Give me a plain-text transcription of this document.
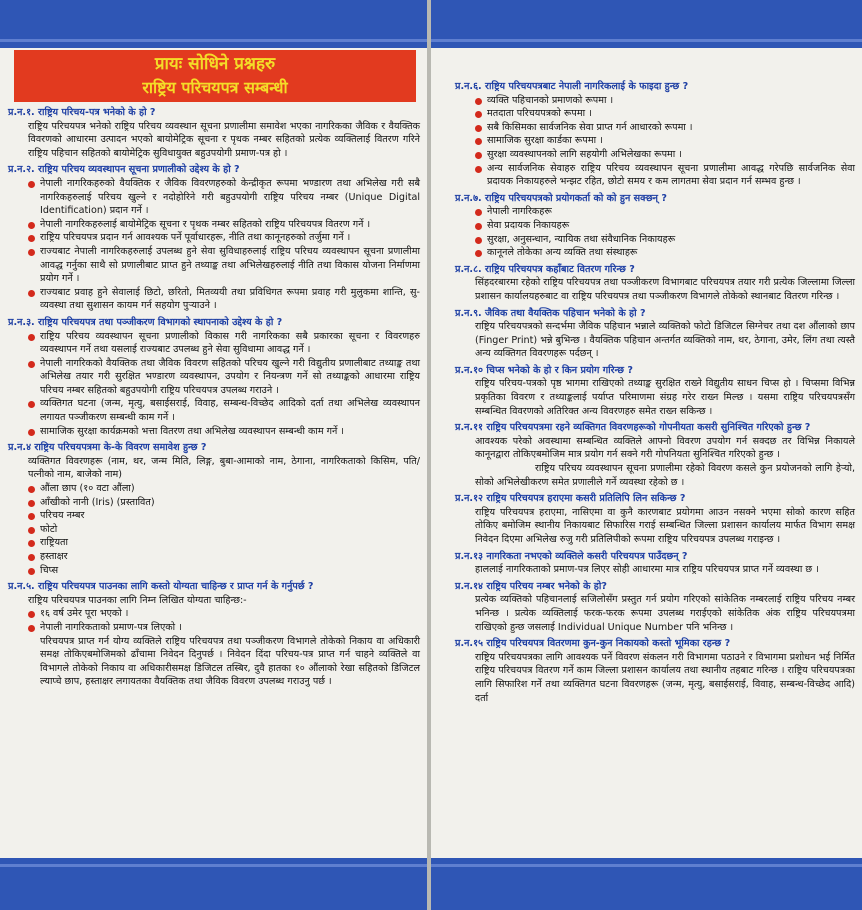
प्रायः सोधिने प्रश्नहरु
राष्ट्रिय परिचयपत्र सम्बन्धी
प्र.न.१. राष्ट्रिय परिचय-पत्र भनेको के हो ?
राष्ट्रिय परिचयपत्र भनेको राष्ट्रिय परिचय व्यवस्थान सूचना प्रणालीमा समावेश भएका नागरिकका जैविक र वैयक्तिक विवरणको आधारमा उत्पादन भएको बायोमेट्रिक सूचना र पृथक नम्बर सहितको प्रत्येक व्यक्तिलाई वितरण गरिने राष्ट्रिय पहिचान सहितको बायोमेट्रिक सुविधायुक्त बहुउपयोगी प्रमाण-पत्र हो ।
प्र.न.२. राष्ट्रिय परिचय व्यवस्थापन सूचना प्रणालीको उद्देश्य के हो ?
नेपाली नागरिकहरुको वैयक्तिक र जैविक विवरणहरुको केन्द्रीकृत रूपमा भण्डारण तथा अभिलेख गरी सबै नागरिकहरुलाई परिचय खुल्ने र नदोहोरिने गरी बहुउपयोगी राष्ट्रिय परिचय नम्बर (Unique Digital Identification) प्रदान गर्ने ।
नेपाली नागरिकहरुलाई बायोमेट्रिक सूचना र पृथक नम्बर सहितको राष्ट्रिय परिचयपत्र वितरण गर्ने ।
राष्ट्रिय परिचयपत्र प्रदान गर्न आवश्यक पर्ने पूर्वाधारहरू, नीति तथा कानूनहरुको तर्जुमा गर्ने ।
राज्यबाट नेपाली नागरिकहरुलाई उपलब्ध हुने सेवा सुविधाहरुलाई राष्ट्रिय परिचय व्यवस्थापन सूचना प्रणालीमा आवद्ध गर्नुका साथै सो प्रणालीबाट प्राप्त हुने तथ्याङ्क तथा अभिलेखहरुलाई नीति तथा विकास योजना निर्माणमा प्रयोग गर्ने ।
राज्यबाट प्रवाह हुने सेवालाई छिटो, छरितो, मितव्ययी तथा प्रविधिगत रूपमा प्रवाह गरी मुलुकमा शान्ति, सु-व्यवस्था तथा सुशासन कायम गर्न सहयोग पुऱ्याउने ।
प्र.न.३. राष्ट्रिय परिचयपत्र तथा पञ्जीकरण विभागको स्थापनाको उद्देश्य के हो ?
राष्ट्रिय परिचय व्यवस्थापन सूचना प्रणालीको विकास गरी नागरिकका सबै प्रकारका सूचना र विवरणहरु व्यवस्थापन गर्ने तथा यसलाई राज्यबाट उपलब्ध हुने सेवा सुविधामा आवद्ध गर्ने ।
नेपाली नागरिकको वैयक्तिक तथा जैविक विवरण सहितको परिचय खुल्ने गरी विद्युतीय प्रणालीबाट तथ्याङ्क तथा अभिलेख तयार गरी सुरक्षित भण्डारण व्यवस्थापन, उपयोग र नियन्त्रण गर्ने सो तथ्याङ्कको आधारमा राष्ट्रिय परिचय नम्बर सहितको बहुउपयोगी राष्ट्रिय परिचयपत्र उपलब्ध गराउने ।
व्यक्तिगत घटना (जन्म, मृत्यु, बसाईसराई, विवाह, सम्बन्ध-विच्छेद आदिको दर्ता तथा अभिलेख व्यवस्थापन लगायत पञ्जीकरण सम्बन्धी काम गर्ने ।
सामाजिक सुरक्षा कार्यक्रमको भत्ता वितरण तथा अभिलेख व्यवस्थापन सम्बन्धी काम गर्ने ।
प्र.न.४ राष्ट्रिय परिचयपत्रमा के-के विवरण समावेश हुन्छ ?
व्यक्तिगत विवरणहरू (नाम, थर, जन्म मिति, लिङ्ग, बुबा-आमाको नाम, ठेगाना, नागरिकताको किसिम, पति/पत्नीको नाम, बाजेको नाम)
औंला छाप (१० वटा औंला)
आँखीको नानी (Iris) (प्रस्तावित)
परिचय नम्बर
फोटो
राष्ट्रियता
हस्ताक्षर
चिप्स
प्र.न.५. राष्ट्रिय परिचयपत्र पाउनका लागि कस्तो योग्यता चाहिन्छ र प्राप्त गर्न के गर्नुपर्छ ?
राष्ट्रिय परिचयपत्र पाउनका लागि निम्न लिखित योग्यता चाहिन्छ:-
१६ वर्ष उमेर पूरा भएको ।
नेपाली नागरिकताको प्रमाण-पत्र लिएको ।
परिचयपत्र प्राप्त गर्न योग्य व्यक्तिले राष्ट्रिय परिचयपत्र तथा पञ्जीकरण विभागले तोकेको निकाय वा अधिकारी समक्ष तोकिएबमोजिमको ढाँचामा निवेदन दिनुपर्छ । निवेदन दिंदा परिचय-पत्र प्राप्त गर्न चाहने व्यक्तिले वा विभागले तोकेको निकाय वा अधिकारीसमक्ष डिजिटल तस्बिर, दुवै हातका १० औंलाको रेखा सहितको डिजिटल ल्याप्चे छाप, हस्ताक्षर लगायतका वैयक्तिक तथा जैविक विवरण उपलब्ध गराउनु पर्छ ।
प्र.न.६. राष्ट्रिय परिचयपत्रबाट नेपाली नागरिकलाई के फाइदा हुन्छ ?
व्यक्ति पहिचानको प्रमाणको रूपमा ।
मतदाता परिचयपत्रको रूपमा ।
सबै किसिमका सार्वजनिक सेवा प्राप्त गर्न आधारको रूपमा ।
सामाजिक सुरक्षा कार्डका रूपमा ।
सुरक्षा व्यवस्थापनको लागि सहयोगी अभिलेखका रूपमा ।
अन्य सार्वजनिक सेवाहरु राष्ट्रिय परिचय व्यवस्थापन सूचना प्रणालीमा आवद्ध गरेपछि सार्वजनिक सेवा प्रदायक निकायहरुले भन्झट रहित, छोटो समय र कम लागतमा सेवा प्रदान गर्न सम्भव हुन्छ ।
प्र.न.७. राष्ट्रिय परिचयपत्रको प्रयोगकर्ता को को हुन सक्छन् ?
नेपाली नागरिकहरू
सेवा प्रदायक निकायहरू
सुरक्षा, अनुसन्धान, न्यायिक तथा संवैधानिक निकायहरू
कानूनले तोकेका अन्य व्यक्ति तथा संस्थाहरू
प्र.न.८. राष्ट्रिय परिचयपत्र कहाँबाट वितरण गरिन्छ ?
सिंहदरबारमा रहेको राष्ट्रिय परिचयपत्र तथा पञ्जीकरण विभागबाट परिचयपत्र तयार गरी प्रत्येक जिल्लामा जिल्ला प्रशासन कार्यालयहरुबाट वा राष्ट्रिय परिचयपत्र तथा पञ्जीकरण विभागले तोकेको स्थानबाट वितरण गरिन्छ ।
प्र.न.९. जैविक तथा वैयक्तिक पहिचान भनेको के हो ?
राष्ट्रिय परिचयपत्रको सन्दर्भमा जैविक पहिचान भन्नाले व्यक्तिको फोटो डिजिटल सिग्नेचर तथा दश औंलाको छाप (Finger Print) भन्ने बुभिन्छ । वैयक्तिक पहिचान अन्तर्गत व्यक्तिको नाम, थर, ठेगाना, उमेर, लिंग तथा त्यस्तै अन्य व्यक्तिगत विवरणहरू पर्दछन् ।
प्र.न.१० चिप्स भनेको के हो र किन प्रयोग गरिन्छ ?
राष्ट्रिय परिचय-पत्रको पृष्ठ भागमा राखिएको तथ्याङ्क सुरक्षित राख्ने विद्युतीय साधन चिप्स हो । चिप्समा विभिन्न प्रकृतिका विवरण र तथ्याङ्कलाई पर्याप्त परिमाणमा संग्रह गरेर राख्न मिल्छ । यसमा राष्ट्रिय परिचयपत्रसँग सम्बन्धित विवरणको अतिरिक्त अन्य विवरणहरु समेत राख्न सकिन्छ ।
प्र.न.११ राष्ट्रिय परिचयपत्रमा रहने व्यक्तिगत विवरणहरूको गोपनीयता कसरी सुनिश्चित गरिएको हुन्छ ?
आवश्यक परेको अवस्थामा सम्बन्धित व्यक्तिले आफ्नो विवरण उपयोग गर्न सक्दछ तर विभिन्न निकायले कानूनद्वारा तोकिएबमोजिम मात्र प्रयोग गर्न सक्ने गरी गोपनियता सुनिश्चित गरिएको हुन्छ ।
राष्ट्रिय परिचय व्यवस्थापन सूचना प्रणालीमा रहेको विवरण कसले कुन प्रयोजनको लागि हेऱ्यो, सोको अभिलेखीकरण समेत प्रणालीले गर्ने व्यवस्था रहेको छ ।
प्र.न.१२ राष्ट्रिय परिचयपत्र हराएमा कसरी प्रतिलिपि लिन सकिन्छ ?
राष्ट्रिय परिचयपत्र हराएमा, नासिएमा वा कुनै कारणबाट प्रयोगमा आउन नसक्ने भएमा सोको कारण सहित तोकिए बमोजिम स्थानीय निकायबाट सिफारिस गराई सम्बन्धित जिल्ला प्रशासन कार्यालय मार्फत विभाग समक्ष निवेदन दिएमा अभिलेख रुजु गरी प्रतिलिपीको रूपमा राष्ट्रिय परिचयपत्र उपलब्ध गराइन्छ ।
प्र.न.१३ नागरिकता नभएको व्यक्तिले कसरी परिचयपत्र पाउँदछन् ?
हाललाई नागरिकताको प्रमाण-पत्र लिएर सोही आधारमा मात्र राष्ट्रिय परिचयपत्र प्राप्त गर्ने व्यवस्था छ ।
प्र.न.१४ राष्ट्रिय परिचय नम्बर भनेको के हो?
प्रत्येक व्यक्तिको पहिचानलाई सजिलोसँग प्रस्तुत गर्न प्रयोग गरिएको सांकेतिक नम्बरलाई राष्ट्रिय परिचय नम्बर भनिन्छ । प्रत्येक व्यक्तिलाई फरक-फरक रूपमा उपलब्ध गराईएको सांकेतिक अंक राष्ट्रिय परिचयपत्रमा राखिएको हुन्छ जसलाई Individual Unique Number पनि भनिन्छ ।
प्र.न.१५ राष्ट्रिय परिचयपत्र वितरणमा कुन-कुन निकायको कस्तो भूमिका रहन्छ ?
राष्ट्रिय परिचयपत्रका लागि आवश्यक पर्ने विवरण संकलन गरी विभागमा पठाउने र विभागमा प्रशोधन भई निर्मित राष्ट्रिय परिचयपत्र वितरण गर्ने काम जिल्ला प्रशासन कार्यालय तथा स्थानीय तहबाट गरिन्छ । राष्ट्रिय परिचयपत्रका लागि सिफारिश गर्ने तथा व्यक्तिगत घटना विवरणहरू (जन्म, मृत्यु, बसाईसराई, विवाह, सम्बन्ध-विच्छेद आदि) दर्ता
